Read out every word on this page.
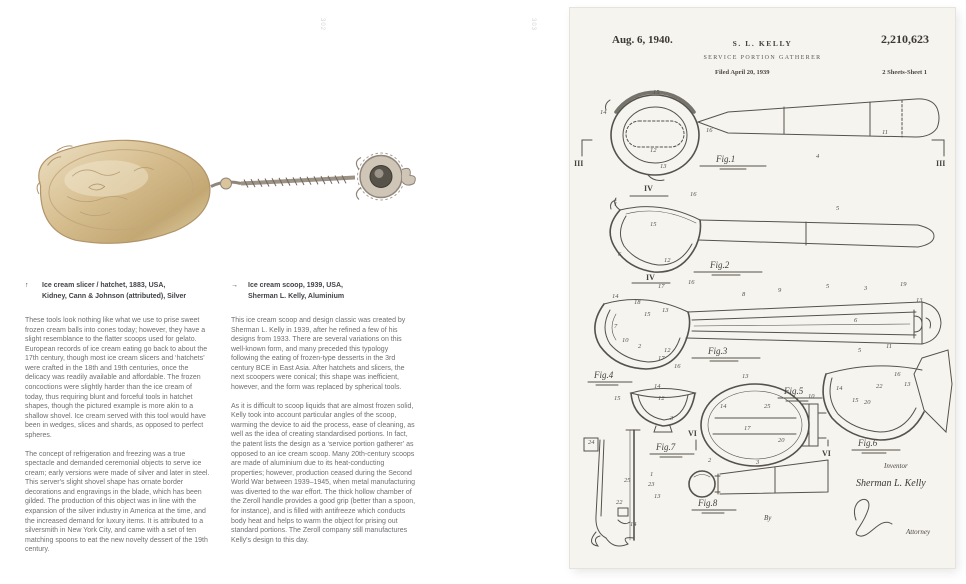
↑	Ice cream slicer / hatchet, 1883, USA,
Kidney, Cann & Johnson (attributed), Silver
→ Ice cream scoop, 1939, USA,
Sherman L. Kelly, Aluminium

These tools look nothing like what we use to prise sweet frozen cream balls into cones today; however, they have a slight resemblance to the flatter scoops used for gelato. European records of ice cream eating go back to about the 17th century, though most ice cream slicers and ‘hatchets’ were crafted in the 18th and 19th centuries, once the delicacy was readily available and affordable. The frozen concoctions were slightly harder than the ice cream of today, thus requiring blunt and forceful tools in hatchet shapes, though the pictured example is more akin to a shallow shovel. Ice cream served with this tool would have been in wedges, slices and shards, as opposed to perfect spheres.

The concept of refrigeration and freezing was a true spectacle and demanded ceremonial objects to serve ice cream; early versions were made of silver and later in steel. This server's slight shovel shape has ornate border decorations and engravings in the blade, which has been gilded. The production of this object was in line with the expansion of the silver industry in America at the time, and the increased demand for luxury items. It is attributed to a silversmith in New York City, and came with a set of ten matching spoons to eat the new novelty dessert of the 19th century.

This ice cream scoop and design classic was created by Sherman L. Kelly in 1939, after he refined a few of his designs from 1933. There are several variations on this well-known form, and many preceded this typology following the eating of frozen-type desserts in the 3rd century BCE in East Asia. After hatchets and slicers, the next scoopers were conical; this shape was inefficient, however, and the form was replaced by spherical tools.

As it is difficult to scoop liquids that are almost frozen solid, Kelly took into account particular angles of the scoop, warming the device to aid the process, ease of cleaning, as well as the idea of creating standardised portions. In fact, the patent lists the design as a ‘service portion gatherer’ as opposed to an ice cream scoop. Many 20th-century scoops are made of aluminium due to its heat-conducting properties; however, production ceased during the Second World War between 1939–1945, when metal manufacturing was diverted to the war effort. The thick hollow chamber of the Zeroll handle provides a good grip (better than a spoon, for instance), and is filled with antifreeze which conducts body heat and helps to warm the object for prising out standard portions. The Zeroll company still manufactures Kelly's design to this day.

302	303
Aug. 6, 1940.	S. L. KELLY	2,210,623
SERVICE PORTION GATHERER
Filed April 20, 1939	2 Sheets-Sheet 1
III	III
Fig.1
IV
Fig.2
IV
Fig.3
Fig.4
VI
VI
Fig.5
Fig.6
Fig.7
Fig.8
By
Inventor
Sherman L. Kelly
Attorney
15
14
16
12
13
4
11
16
1
15
5
6
12
14
17
16
18
15
13
8
9
5	3
19
7
10
2
12
6
5
11
13
17
16
14
12
15
3
13
14	25
17
20
10
14
15 20
22
16
13
24
1
25
23
22
13
14
2	3
